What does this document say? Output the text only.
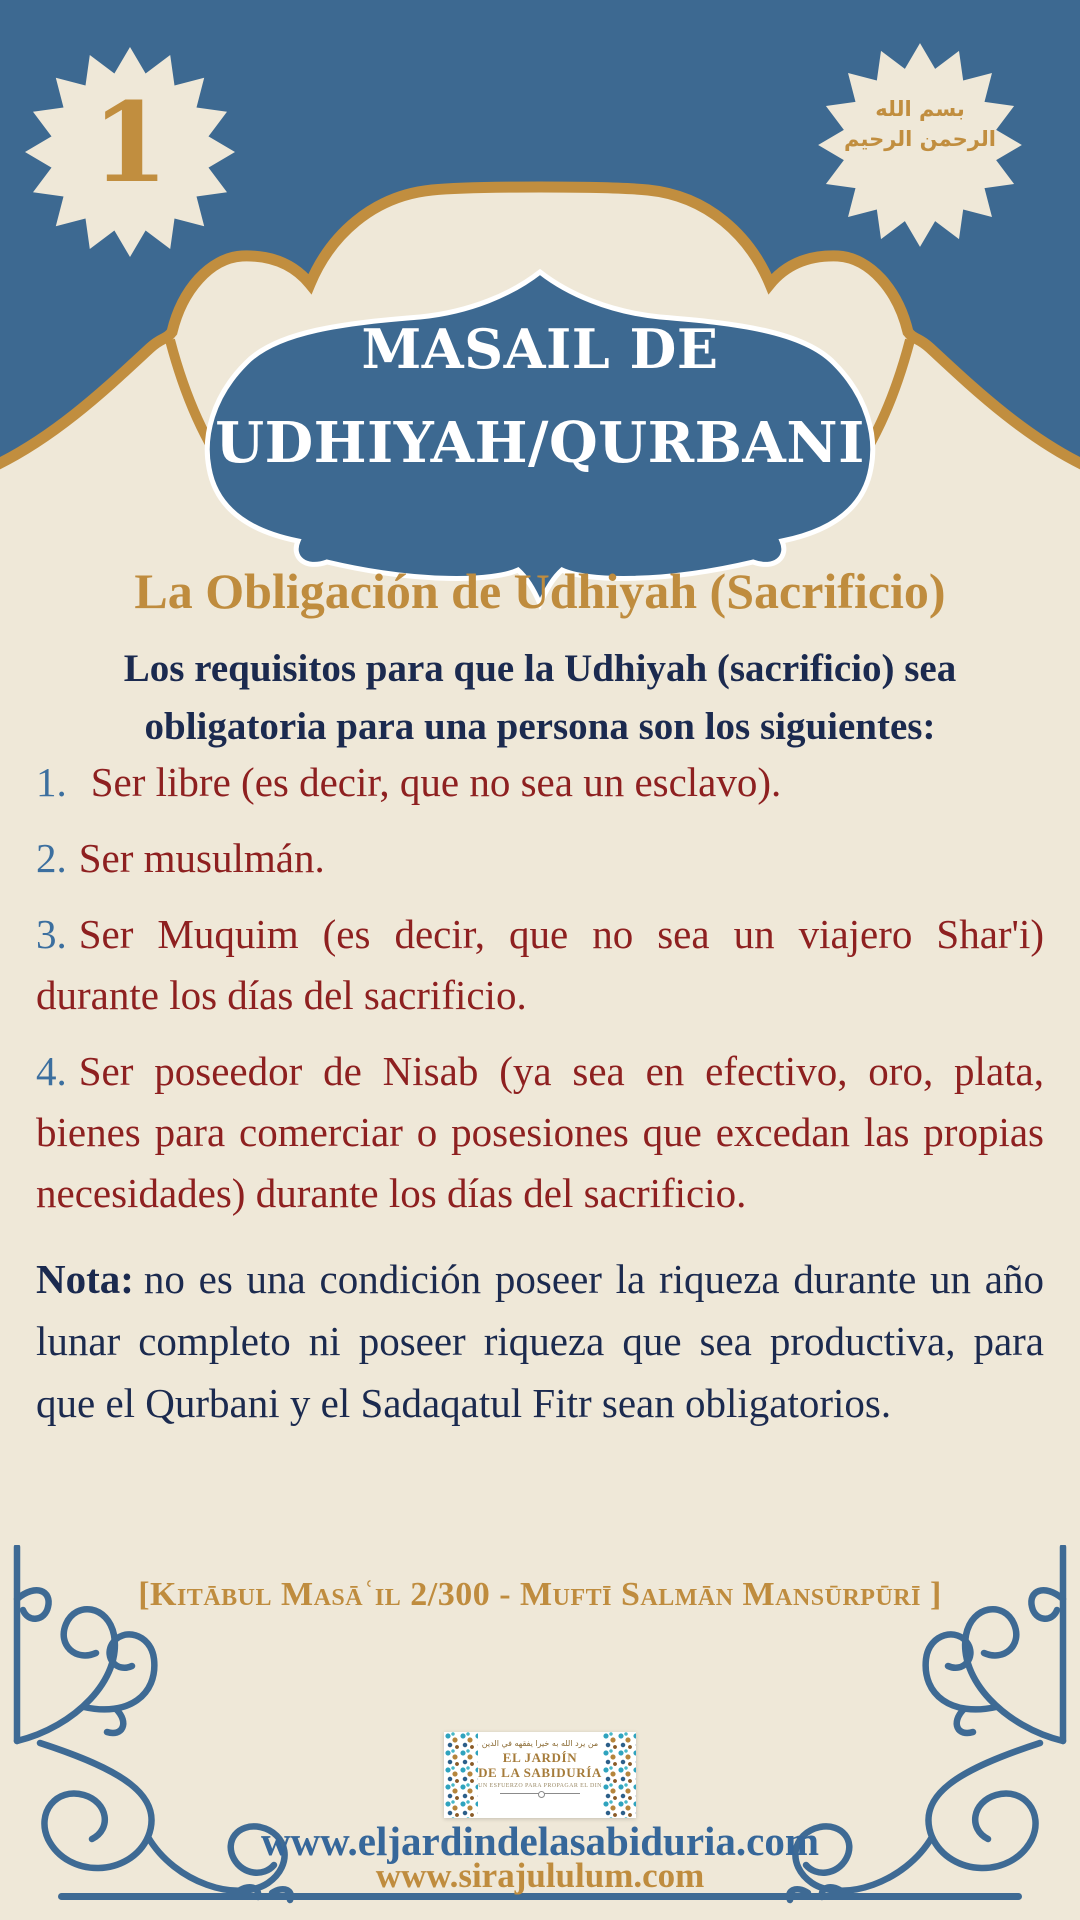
1	بسم الله الرحمن الرحيم
MASAIL DE
UDHIYAH/QURBANI
La Obligación de Udhiyah (Sacrificio)
Los requisitos para que la Udhiyah (sacrificio) sea
obligatoria para una persona son los siguientes:

1. Ser libre (es decir, que no sea un esclavo).

2. Ser musulmán.

3. Ser Muquim (es decir, que no sea un viajero Shar'i) durante los días del sacrificio.

4. Ser poseedor de Nisab (ya sea en efectivo, oro, plata, bienes para comerciar o posesiones que excedan las propias necesidades) durante los días del sacrificio.

Nota: no es una condición poseer la riqueza durante un año lunar completo ni poseer riqueza que sea productiva, para que el Qurbani y el Sadaqatul Fitr sean obligatorios.

[Kitābul Masāʿil 2/300 - Muftī Salmān Mansūrpūrī ]
من يرد الله به خيرا يفقهه في الدين
EL JARDÍN
DE LA SABIDURÍA
UN ESFUERZO PARA PROPAGAR EL DIN
www.eljardindelasabiduria.com
www.sirajululum.com
